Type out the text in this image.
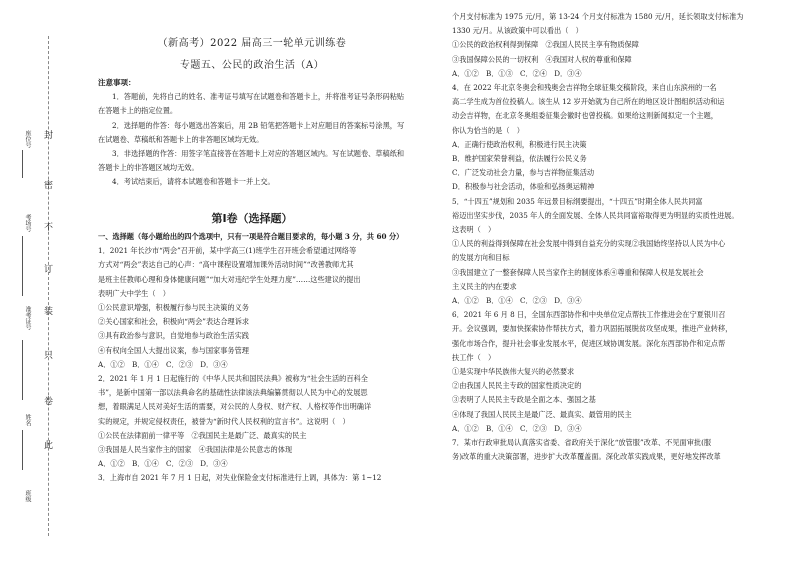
封
密
不
订
装
只
卷
此
座位号
考场号
准考证号
姓名
班级
（新高考）2022 届高三一轮单元训练卷
专题五、公民的政治生活（A）

注意事项：

1．答题前，先将自己的姓名、准考证号填写在试题卷和答题卡上，并将准考证号条形码粘贴在答题卡上的指定位置。

2．选择题的作答：每小题选出答案后，用 2B 铅笔把答题卡上对应题目的答案标号涂黑，写在试题卷、草稿纸和答题卡上的非答题区域均无效。

3．非选择题的作答：用签字笔直接答在答题卡上对应的答题区域内。写在试题卷、草稿纸和答题卡上的非答题区域均无效。

4．考试结束后，请将本试题卷和答题卡一并上交。

第Ⅰ卷（选择题）

一、选择题（每小题给出的四个选项中，只有一项是符合题目要求的，每小题 3 分，共 60 分）

1．2021 年长沙市“两会”召开前，某中学高三(1)班学生召开班会希望通过网络等

方式对“两会”表达自己的心声：“高中课程设置增加课外活动时间”“改善教师尤其

是班主任教师心理和身体健康问题”“加大对违纪学生处理力度”……这些建议的提出

表明广大中学生（　）

①公民意识增强，积极履行参与民主决策的义务

②关心国家和社会，积极向“两会”表达合理诉求

③具有政治参与意识，自觉地参与政治生活实践

④有权向全国人大提出议案，参与国家事务管理

A．①②　B．①④　C．②③　D．③④

2．2021 年 1 月 1 日起施行的《中华人民共和国民法典》被称为“社会生活的百科全

书”，是新中国第一部以法典命名的基础性法律该法典编纂贯彻以人民为中心的发展思

想，着眼满足人民对美好生活的需要，对公民的人身权、财产权、人格权等作出明确详

实的规定，并规定侵权责任，被誉为“新时代人民权利的宣言书”。这说明（　）

①公民在法律面前一律平等　②我国民主是最广泛、最真实的民主

③我国是人民当家作主的国家　④我国法律是公民意志的体现

A．①②　B．①④　C．②③　D．③④

3．上海市自 2021 年 7 月 1 日起，对失业保险金支付标准进行上调，具体为：第 1~12

个月支付标准为 1975 元/月，第 13-24 个月支付标准为 1580 元/月，延长领取支付标准为

1330 元/月。从该政策中可以看出（　）

①公民的政治权利得到保障　②我国人民民主享有物质保障

③我国保障公民的一切权利　④我国对人权的尊重和保障

A．①②　B．①③　C．②④　D．③④

4．在 2022 年北京冬奥会和残奥会吉祥物全球征集交稿阶段，来自山东滨州的一名

高二学生成为首位投稿人。该生从 12 岁开始就为自己所在的地区设计图组织活动和运

动会吉祥物，在北京冬奥组委征集会徽时也曾投稿。如果给这则新闻拟定一个主题，

你认为恰当的是（　）

A．正确行使政治权利，积极进行民主决策

B．维护国家荣誉利益，依法履行公民义务

C．广泛发动社会力量，参与吉祥物征集活动

D．积极参与社会活动，体验和弘扬奥运精神

5．“十四五”规划和 2035 年远景目标纲要提出，“十四五”时期全体人民共同富

裕迈出坚实步伐，2035 年人的全面发展、全体人民共同富裕取得更为明显的实质性进展。

这表明（　）

①人民的利益得到保障在社会发展中得到自益充分的实现②我国始终坚持以人民为中心

的发展方向和目标

③我国建立了一整套保障人民当家作主的制度体系④尊重和保障人权是发展社会

主义民主的内在要求

A．①②　B．①④　C．②③　D．③④

6．2021 年 6 月 8 日，全国东西部协作和中央单位定点帮扶工作推进会在宁夏银川召

开。会议强调，要加快探索协作帮扶方式，着力巩固拓展脱贫攻坚成果，推进产业转移，

强化市场合作，提升社会事业发展水平，促进区域协调发展。深化东西部协作和定点帮

扶工作（　）

①是实现中华民族伟大复兴的必然要求

②由我国人民民主专政的国家性质决定的

③表明了人民民主专政是全面之本、强国之基

④体现了我国人民民主是最广泛、最真实、最管用的民主

A．①②　B．①④　C．②③　D．③④

7．某市行政审批局认真落实省委、省政府关于深化“放管服”改革、不见面审批(服

务)改革的重大决策部署，进步扩大改革覆盖面。深化改革实践成果，更好地发挥改革
